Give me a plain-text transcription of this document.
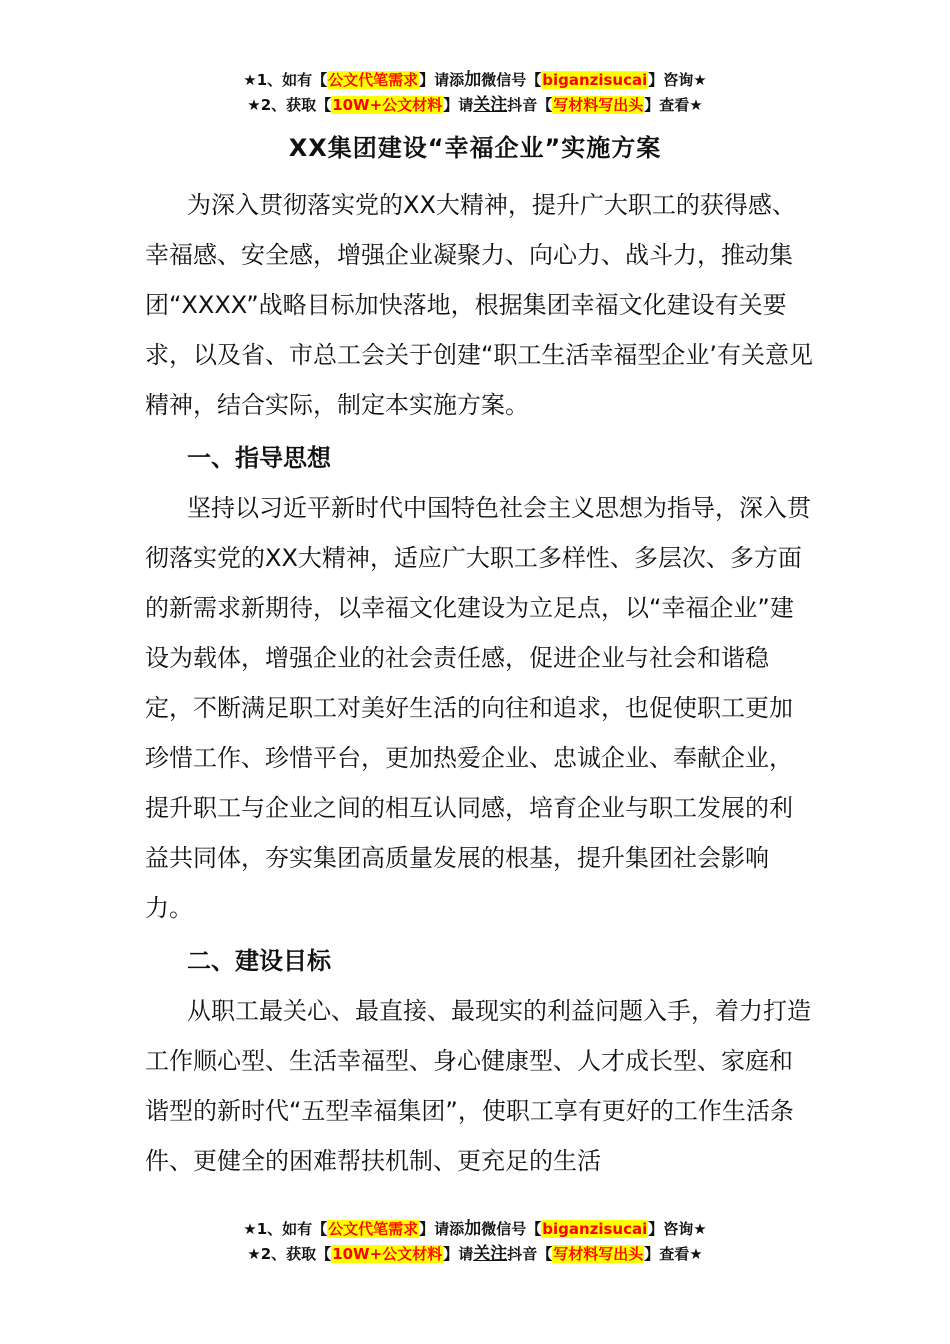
★1、如有【公文代笔需求】请添加微信号【biganzisucai】咨询★
★2、获取【10W+公文材料】请关注抖音【写材料写出头】查看★
XX集团建设“幸福企业”实施方案

为深入贯彻落实党的XX大精神，提升广大职工的获得感、幸福感、安全感，增强企业凝聚力、向心力、战斗力，推动集团“XXXX”战略目标加快落地，根据集团幸福文化建设有关要求，以及省、市总工会关于创建“职工生活幸福型企业’有关意见精神，结合实际，制定本实施方案。

一、指导思想

坚持以习近平新时代中国特色社会主义思想为指导，深入贯彻落实党的XX大精神，适应广大职工多样性、多层次、多方面的新需求新期待，以幸福文化建设为立足点，以“幸福企业”建设为载体，增强企业的社会责任感，促进企业与社会和谐稳定，不断满足职工对美好生活的向往和追求，也促使职工更加珍惜工作、珍惜平台，更加热爱企业、忠诚企业、奉献企业，提升职工与企业之间的相互认同感，培育企业与职工发展的利益共同体，夯实集团高质量发展的根基，提升集团社会影响力。

二、建设目标

从职工最关心、最直接、最现实的利益问题入手，着力打造工作顺心型、生活幸福型、身心健康型、人才成长型、家庭和谐型的新时代“五型幸福集团”，使职工享有更好的工作生活条件、更健全的困难帮扶机制、更充足的生活

★1、如有【公文代笔需求】请添加微信号【biganzisucai】咨询★
★2、获取【10W+公文材料】请关注抖音【写材料写出头】查看★
